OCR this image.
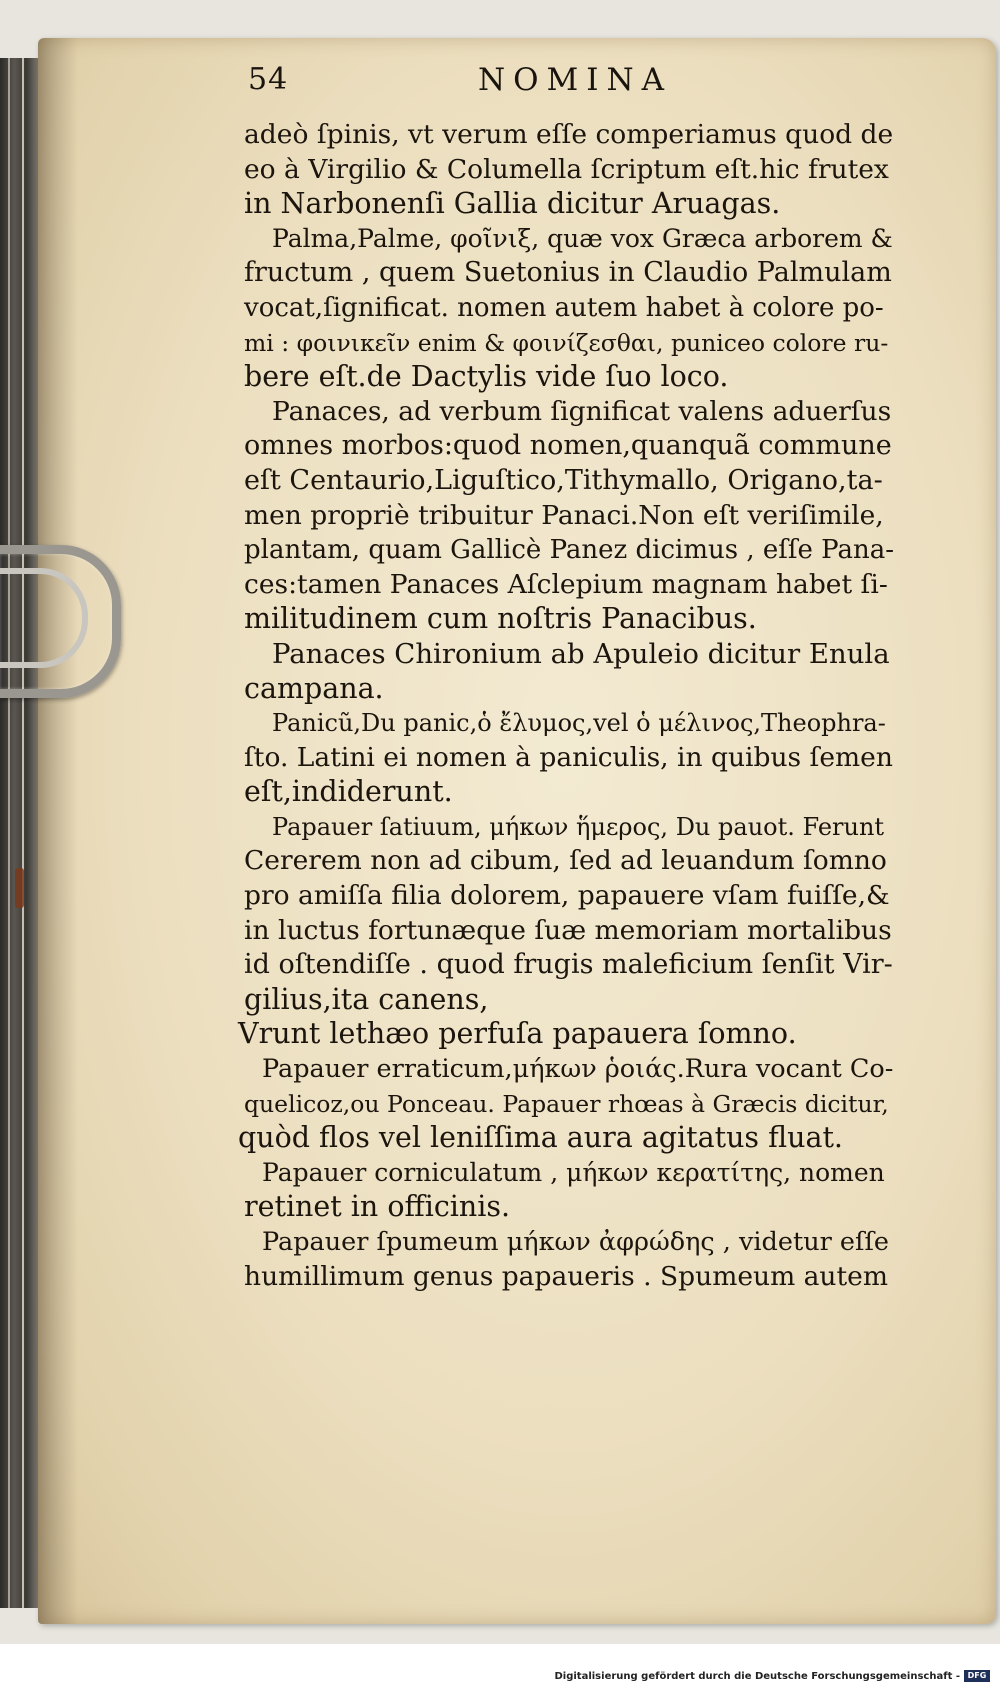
54	NOMINA
adeò ſpinis, vt verum eſſe comperiamus quod de
eo à Virgilio & Columella ſcriptum eſt.hic frutex
in Narbonenſi Gallia dicitur Aruagas.
Palma,Palme, φοῖνιξ, quæ vox Græca arborem &
fructum , quem Suetonius in Claudio Palmulam
vocat,ſignificat. nomen autem habet à colore po-
mi : φοινικεῖν enim & φοινίζεσθαι, puniceo colore ru-
bere eſt.de Dactylis vide ſuo loco.
Panaces, ad verbum ſignificat valens aduerſus
omnes morbos:quod nomen,quanquã commune
eſt Centaurio,Liguſtico,Tithymallo, Origano,ta-
men propriè tribuitur Panaci.Non eſt veriſimile,
plantam, quam Gallicè Panez dicimus , eſſe Pana-
ces:tamen Panaces Aſclepium magnam habet ſi-
militudinem cum noſtris Panacibus.
Panaces Chironium ab Apuleio dicitur Enula
campana.
Panicũ,Du panic,ὁ ἔλυμος,vel ὁ μέλινος,Theophra-
ſto. Latini ei nomen à paniculis, in quibus ſemen
eſt,indiderunt.
Papauer ſatiuum, μήκων ἥμερος, Du pauot. Ferunt
Cererem non ad cibum, ſed ad leuandum ſomno
pro amiſſa filia dolorem, papauere vſam fuiſſe,&
in luctus fortunæque ſuæ memoriam mortalibus
id oſtendiſſe . quod frugis maleficium ſenſit Vir-
gilius,ita canens,
Vrunt lethæo perfuſa papauera ſomno.
Papauer erraticum,μήκων ῥοιάς.Rura vocant Co-
quelicoz,ou Ponceau. Papauer rhœas à Græcis dicitur,
quòd flos vel leniſſima aura agitatus fluat.
Papauer corniculatum , μήκων κερατίτης, nomen
retinet in officinis.
Papauer ſpumeum μήκων ἀφρώδης , videtur eſſe
humillimum genus papaueris . Spumeum autem
Digitalisierung gefördert durch die Deutsche Forschungsgemeinschaft - DFG
